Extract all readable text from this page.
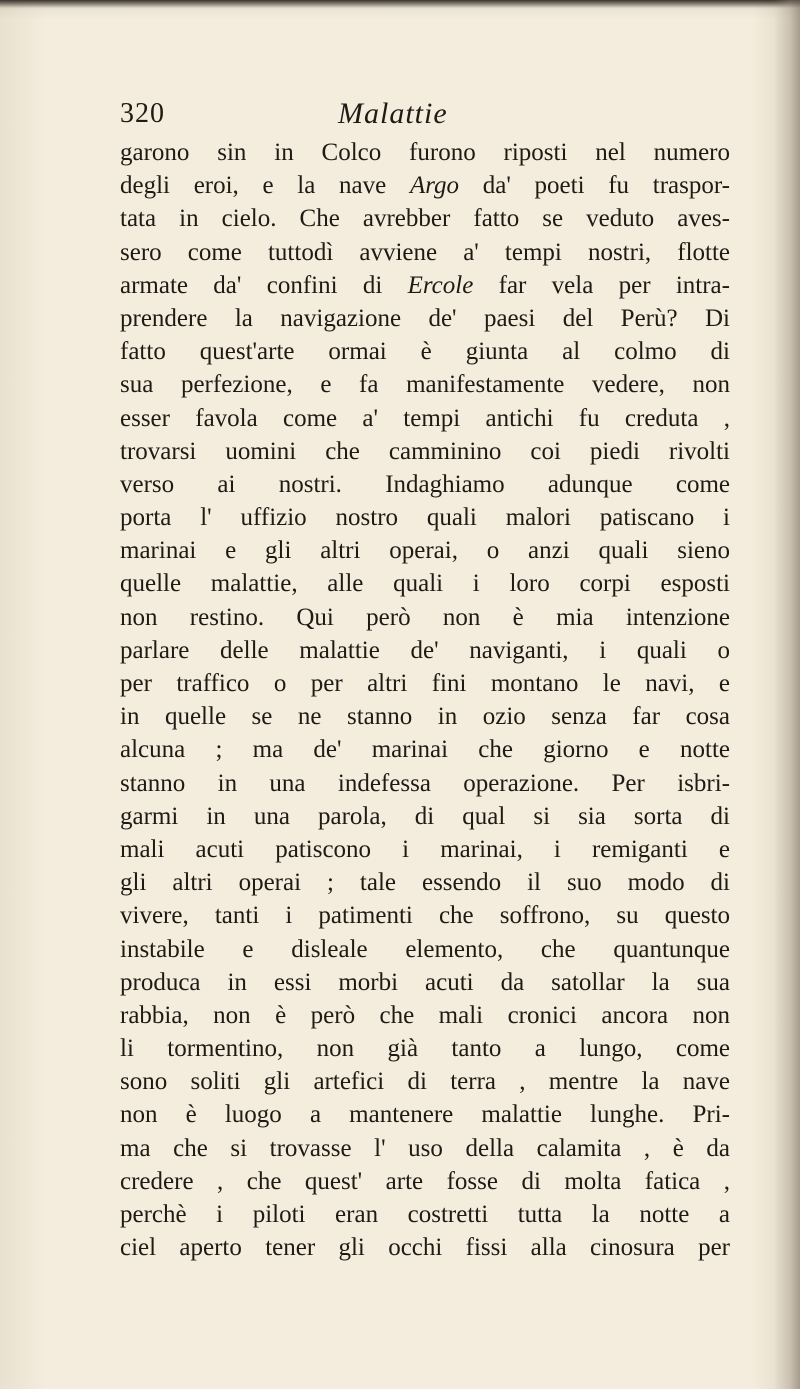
320	Malattie
garono sin in Colco furono riposti nel numero
degli eroi, e la nave Argo da' poeti fu traspor-
tata in cielo. Che avrebber fatto se veduto aves-
sero come tuttodì avviene a' tempi nostri, flotte
armate da' confini di Ercole far vela per intra-
prendere la navigazione de' paesi del Perù? Di
fatto quest'arte ormai è giunta al colmo di
sua perfezione, e fa manifestamente vedere, non
esser favola come a' tempi antichi fu creduta ,
trovarsi uomini che camminino coi piedi rivolti
verso ai nostri. Indaghiamo adunque come
porta l' uffizio nostro quali malori patiscano i
marinai e gli altri operai, o anzi quali sieno
quelle malattie, alle quali i loro corpi esposti
non restino. Qui però non è mia intenzione
parlare delle malattie de' naviganti, i quali o
per traffico o per altri fini montano le navi, e
in quelle se ne stanno in ozio senza far cosa
alcuna ; ma de' marinai che giorno e notte
stanno in una indefessa operazione. Per isbri-
garmi in una parola, di qual si sia sorta di
mali acuti patiscono i marinai, i remiganti e
gli altri operai ; tale essendo il suo modo di
vivere, tanti i patimenti che soffrono, su questo
instabile e disleale elemento, che quantunque
produca in essi morbi acuti da satollar la sua
rabbia, non è però che mali cronici ancora non
li tormentino, non già tanto a lungo, come
sono soliti gli artefici di terra , mentre la nave
non è luogo a mantenere malattie lunghe. Pri-
ma che si trovasse l' uso della calamita , è da
credere , che quest' arte fosse di molta fatica ,
perchè i piloti eran costretti tutta la notte a
ciel aperto tener gli occhi fissi alla cinosura per
